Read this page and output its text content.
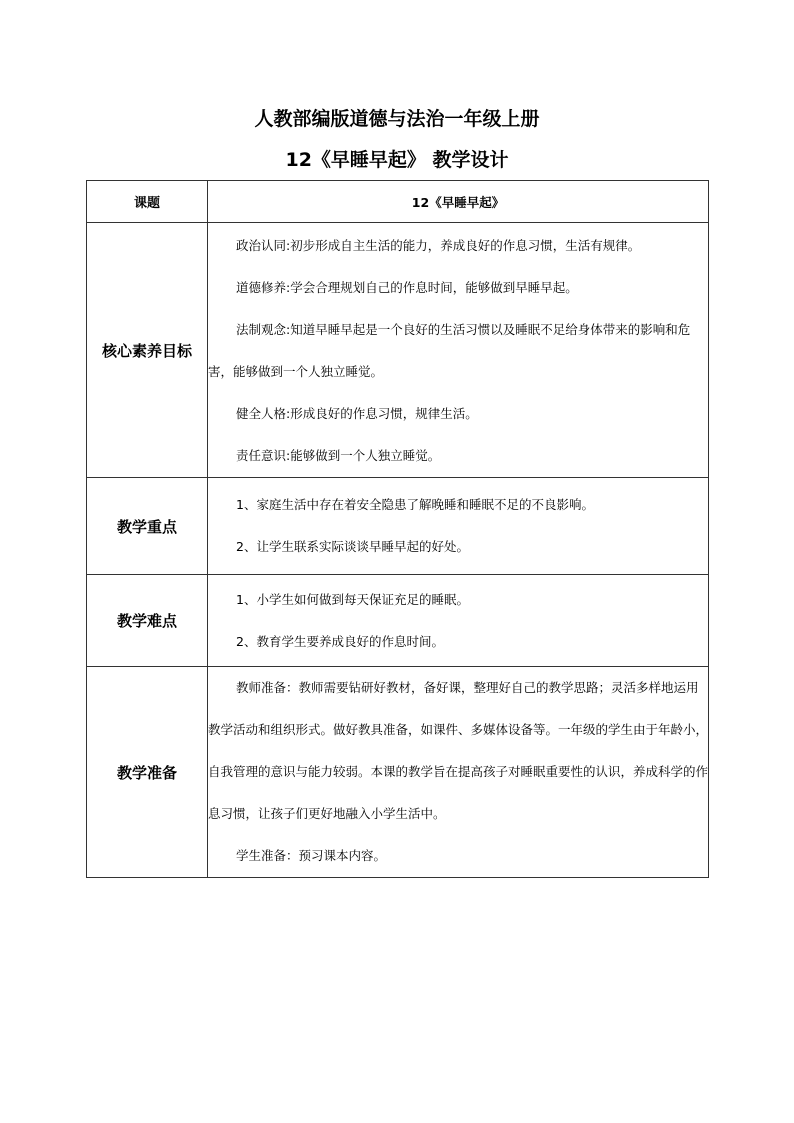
人教部编版道德与法治一年级上册
12《早睡早起》 教学设计
课题	12《早睡早起》
核心素养目标	政治认同:初步形成自主生活的能力，养成良好的作息习惯，生活有规律。

道德修养:学会合理规划自己的作息时间，能够做到早睡早起。

法制观念:知道早睡早起是一个良好的生活习惯以及睡眠不足给身体带来的影响和危害，能够做到一个人独立睡觉。

健全人格:形成良好的作息习惯，规律生活。

责任意识:能够做到一个人独立睡觉。

教学重点	1、家庭生活中存在着安全隐患了解晚睡和睡眠不足的不良影响。

2、让学生联系实际谈谈早睡早起的好处。

教学难点	1、小学生如何做到每天保证充足的睡眠。

2、教育学生要养成良好的作息时间。

教学准备	教师准备：教师需要钻研好教材，备好课，整理好自己的教学思路；灵活多样地运用教学活动和组织形式。做好教具准备，如课件、多媒体设备等。一年级的学生由于年龄小，自我管理的意识与能力较弱。本课的教学旨在提高孩子对睡眠重要性的认识，养成科学的作息习惯，让孩子们更好地融入小学生活中。

学生准备：预习课本内容。
